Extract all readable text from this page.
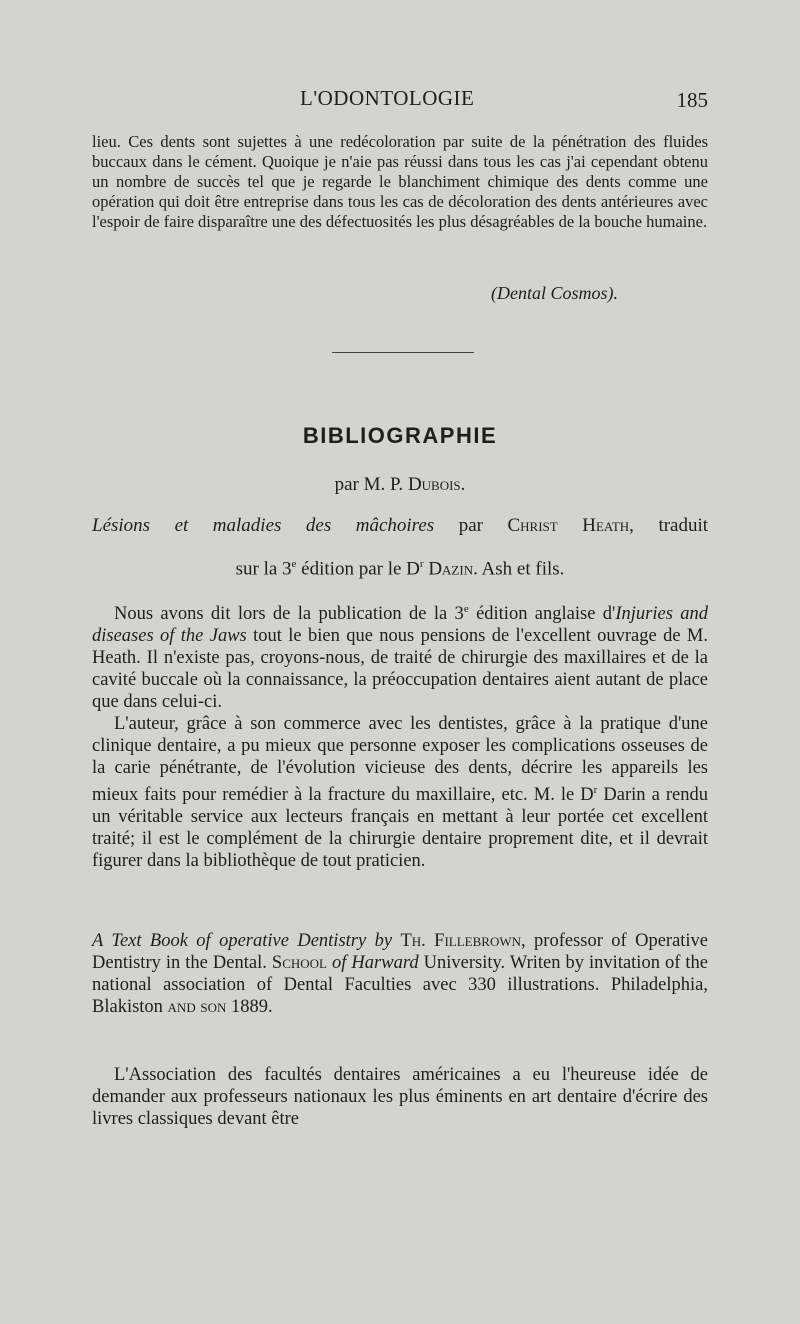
L'ODONTOLOGIE	185

lieu. Ces dents sont sujettes à une redécoloration par suite de la pénétration des fluides buccaux dans le cément. Quoique je n'aie pas réussi dans tous les cas j'ai cependant obtenu un nombre de succès tel que je regarde le blanchiment chimique des dents comme une opération qui doit être entreprise dans tous les cas de décoloration des dents antérieures avec l'espoir de faire disparaître une des défectuosités les plus désagréables de la bouche humaine.

(Dental Cosmos).
BIBLIOGRAPHIE
par M. P. Dubois.
Lésions et maladies des mâchoires par Christ Heath, traduit
sur la 3e édition par le $D^r$ Dazin. Ash et fils.

Nous avons dit lors de la publication de la 3e édition anglaise d'Injuries and diseases of the Jaws tout le bien que nous pensions de l'excellent ouvrage de M. Heath. Il n'existe pas, croyons-nous, de traité de chirurgie des maxillaires et de la cavité buccale où la connaissance, la préoccupation dentaires aient autant de place que dans celui-ci.

L'auteur, grâce à son commerce avec les dentistes, grâce à la pratique d'une clinique dentaire, a pu mieux que personne exposer les complications osseuses de la carie pénétrante, de l'évolution vicieuse des dents, décrire les appareils les mieux faits pour remédier à la fracture du maxillaire, etc. M. le $D^r$ Darin a rendu un véritable service aux lecteurs français en mettant à leur portée cet excellent traité; il est le complément de la chirurgie dentaire proprement dite, et il devrait figurer dans la bibliothèque de tout praticien.

A Text Book of operative Dentistry by Th. Fillebrown, professor of Operative Dentistry in the Dental. School of Harward University. Writen by invitation of the national association of Dental Faculties avec 330 illustrations. Philadelphia, Blakiston and son 1889.

L'Association des facultés dentaires américaines a eu l'heureuse idée de demander aux professeurs nationaux les plus éminents en art dentaire d'écrire des livres classiques devant être
